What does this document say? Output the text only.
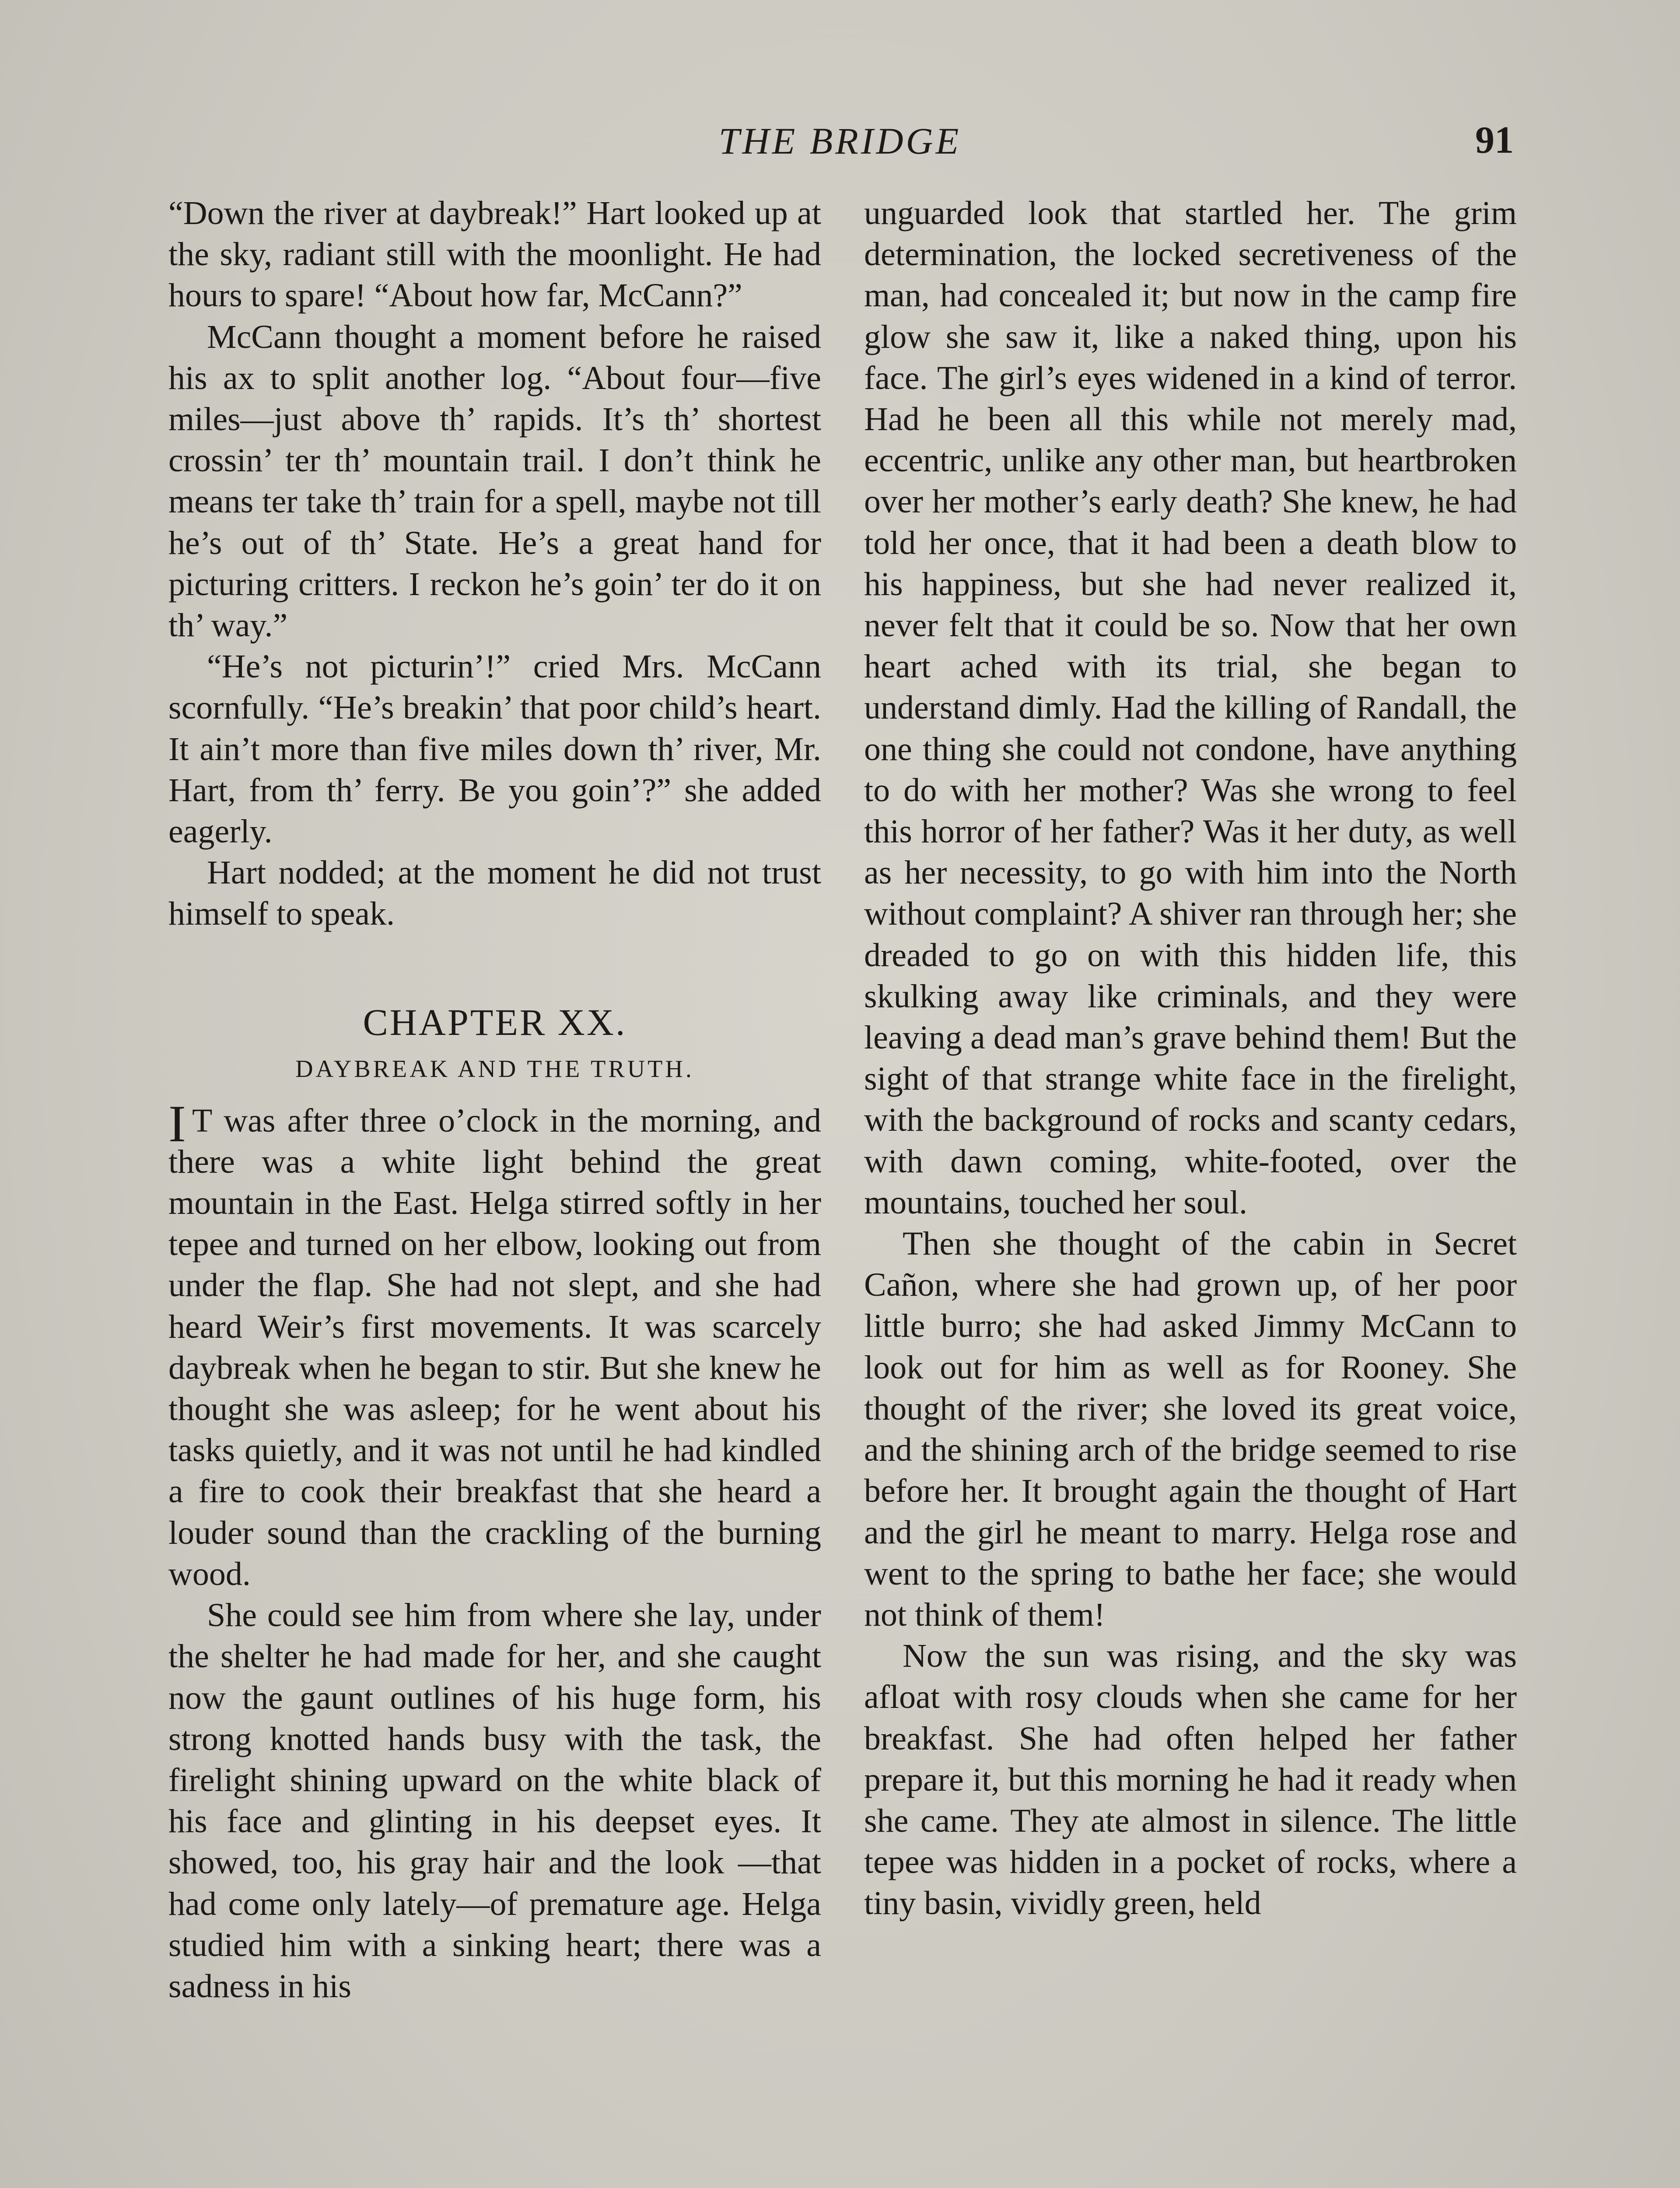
THE BRIDGE	91

“Down the river at daybreak!” Hart looked up at the sky, radiant still with the moonlight. He had hours to spare! “About how far, McCann?”

McCann thought a moment before he raised his ax to split another log. “About four—five miles—just above th’ rapids. It’s th’ shortest crossin’ ter th’ mountain trail. I don’t think he means ter take th’ train for a spell, maybe not till he’s out of th’ State. He’s a great hand for picturing critters. I reckon he’s goin’ ter do it on th’ way.”

“He’s not picturin’!” cried Mrs. McCann scornfully. “He’s breakin’ that poor child’s heart. It ain’t more than five miles down th’ river, Mr. Hart, from th’ ferry. Be you goin’?” she added eagerly.

Hart nodded; at the moment he did not trust himself to speak.

CHAPTER XX.
DAYBREAK AND THE TRUTH.

I T was after three o’clock in the morning, and there was a white light behind the great mountain in the East. Helga stirred softly in her tepee and turned on her elbow, looking out from under the flap. She had not slept, and she had heard Weir’s first movements. It was scarcely daybreak when he began to stir. But she knew he thought she was asleep; for he went about his tasks quietly, and it was not until he had kindled a fire to cook their breakfast that she heard a louder sound than the crackling of the burning wood.

She could see him from where she lay, under the shelter he had made for her, and she caught now the gaunt outlines of his huge form, his strong knotted hands busy with the task, the firelight shining upward on the white black of his face and glinting in his deepset eyes. It showed, too, his gray hair and the look —that had come only lately—of premature age. Helga studied him with a sinking heart; there was a sadness in his

unguarded look that startled her. The grim determination, the locked secretiveness of the man, had concealed it; but now in the camp fire glow she saw it, like a naked thing, upon his face. The girl’s eyes widened in a kind of terror. Had he been all this while not merely mad, eccentric, unlike any other man, but heartbroken over her mother’s early death? She knew, he had told her once, that it had been a death blow to his happiness, but she had never realized it, never felt that it could be so. Now that her own heart ached with its trial, she began to understand dimly. Had the killing of Randall, the one thing she could not condone, have anything to do with her mother? Was she wrong to feel this horror of her father? Was it her duty, as well as her necessity, to go with him into the North without complaint? A shiver ran through her; she dreaded to go on with this hidden life, this skulking away like criminals, and they were leaving a dead man’s grave behind them! But the sight of that strange white face in the firelight, with the background of rocks and scanty cedars, with dawn coming, white-footed, over the mountains, touched her soul.

Then she thought of the cabin in Secret Cañon, where she had grown up, of her poor little burro; she had asked Jimmy McCann to look out for him as well as for Rooney. She thought of the river; she loved its great voice, and the shining arch of the bridge seemed to rise before her. It brought again the thought of Hart and the girl he meant to marry. Helga rose and went to the spring to bathe her face; she would not think of them!

Now the sun was rising, and the sky was afloat with rosy clouds when she came for her breakfast. She had often helped her father prepare it, but this morning he had it ready when she came. They ate almost in silence. The little tepee was hidden in a pocket of rocks, where a tiny basin, vividly green, held
